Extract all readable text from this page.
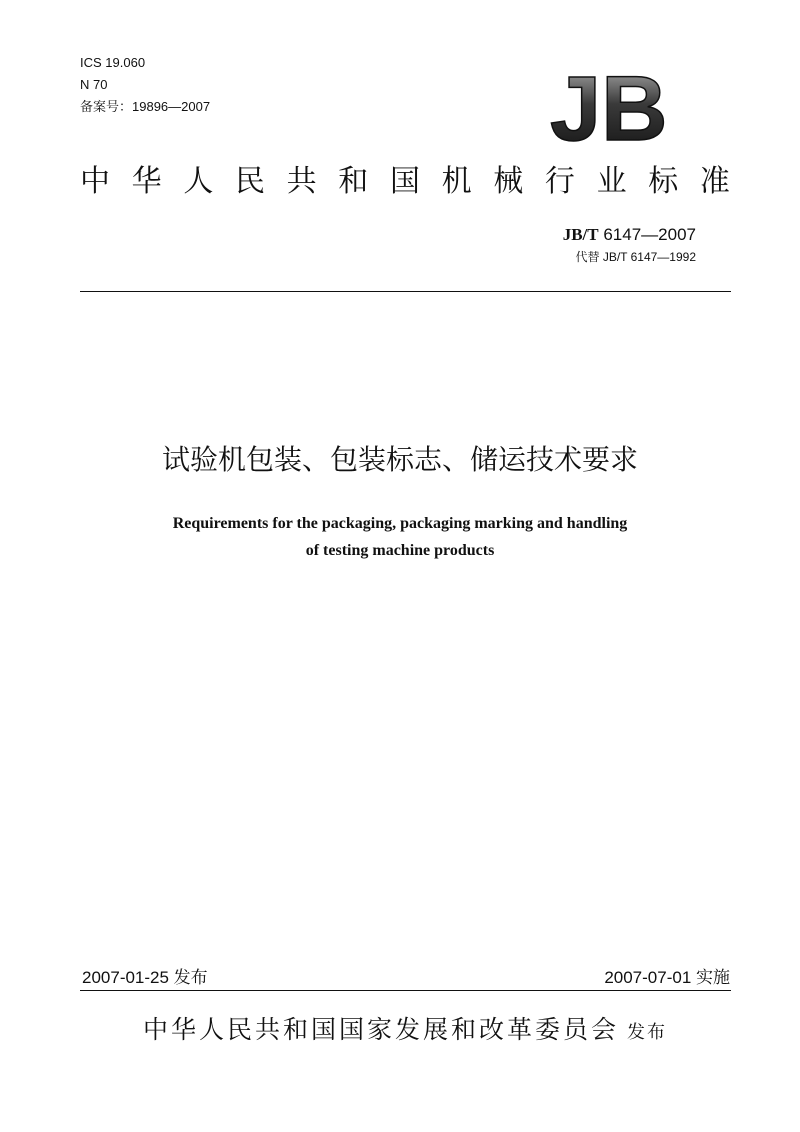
ICS 19.060
N 70
备案号：19896—2007	JB
中 华 人 民 共 和 国 机 械 行 业 标 准
JB/T 6147—2007
代替 JB/T 6147—1992
试验机包装、包装标志、储运技术要求
Requirements for the packaging, packaging marking and handling
of testing machine products
2007-01-25 发布	2007-07-01 实施
中华人民共和国国家发展和改革委员会 发布
